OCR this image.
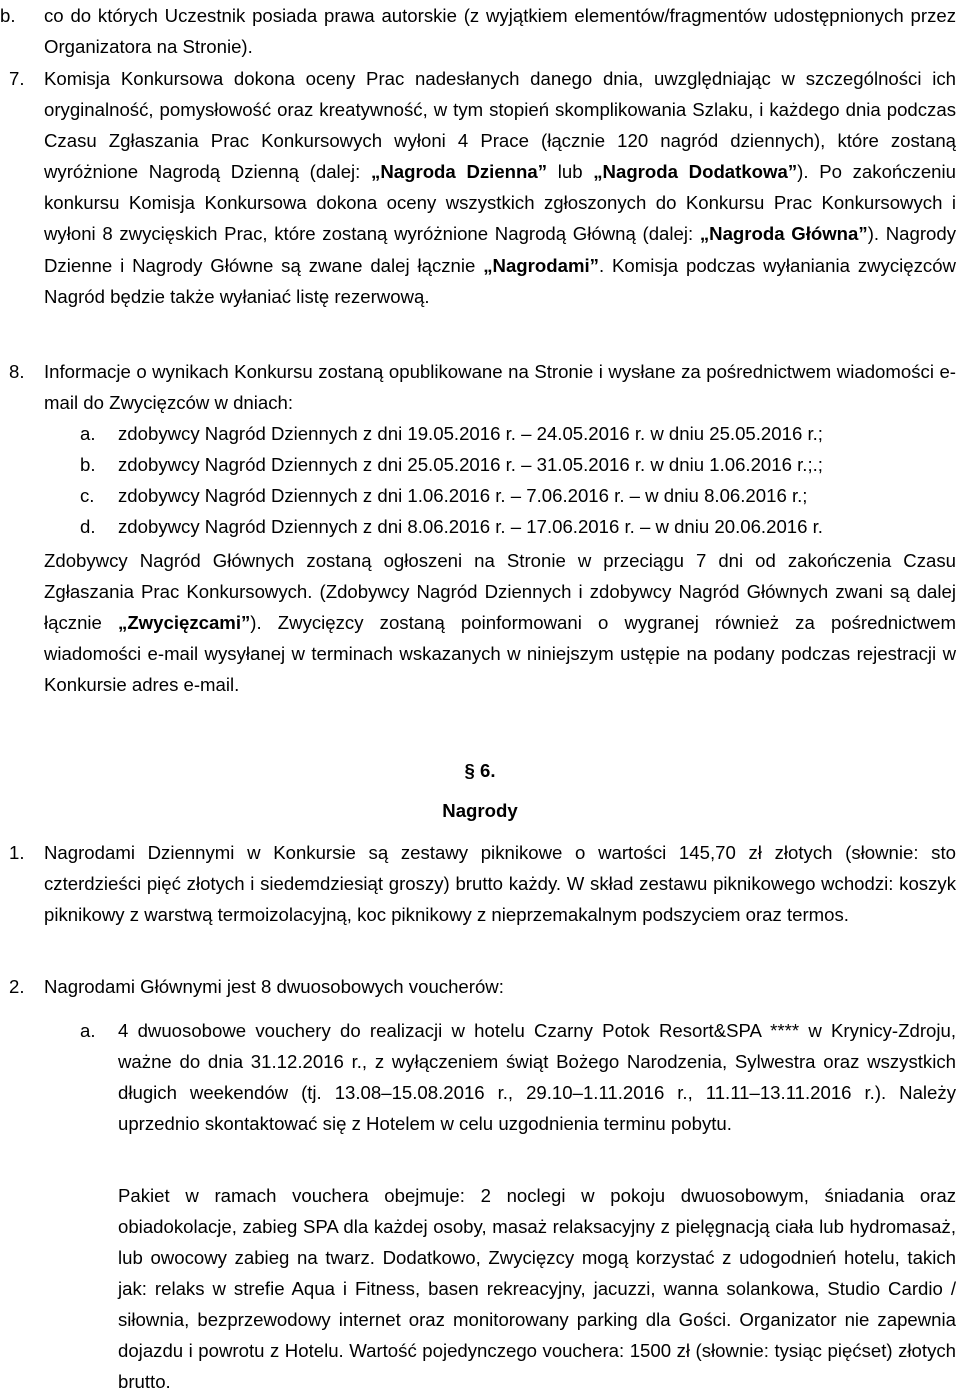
b. co do których Uczestnik posiada prawa autorskie (z wyjątkiem elementów/fragmentów udostępnionych przez Organizatora na Stronie).
7. Komisja Konkursowa dokona oceny Prac nadesłanych danego dnia, uwzględniając w szczególności ich oryginalność, pomysłowość oraz kreatywność, w tym stopień skomplikowania Szlaku, i każdego dnia podczas Czasu Zgłaszania Prac Konkursowych wyłoni 4 Prace (łącznie 120 nagród dziennych), które zostaną wyróżnione Nagrodą Dzienną (dalej: „Nagroda Dzienna” lub „Nagroda Dodatkowa”). Po zakończeniu konkursu Komisja Konkursowa dokona oceny wszystkich zgłoszonych do Konkursu Prac Konkursowych i wyłoni 8 zwycięskich Prac, które zostaną wyróżnione Nagrodą Główną (dalej: „Nagroda Główna”). Nagrody Dzienne i Nagrody Główne są zwane dalej łącznie „Nagrodami”. Komisja podczas wyłaniania zwycięzców Nagród będzie także wyłaniać listę rezerwową.
8. Informacje o wynikach Konkursu zostaną opublikowane na Stronie i wysłane za pośrednictwem wiadomości e-mail do Zwycięzców w dniach:
a. zdobywcy Nagród Dziennych z dni 19.05.2016 r. – 24.05.2016 r. w dniu 25.05.2016 r.;
b. zdobywcy Nagród Dziennych z dni 25.05.2016 r. – 31.05.2016 r. w dniu 1.06.2016 r.;.;
c. zdobywcy Nagród Dziennych z dni 1.06.2016 r. – 7.06.2016 r. – w dniu 8.06.2016 r.;
d. zdobywcy Nagród Dziennych z dni 8.06.2016 r. – 17.06.2016 r. – w dniu 20.06.2016 r.
Zdobywcy Nagród Głównych zostaną ogłoszeni na Stronie w przeciągu 7 dni od zakończenia Czasu Zgłaszania Prac Konkursowych. (Zdobywcy Nagród Dziennych i zdobywcy Nagród Głównych zwani są dalej łącznie „Zwycięzcami”). Zwycięzcy zostaną poinformowani o wygranej również za pośrednictwem wiadomości e-mail wysyłanej w terminach wskazanych w niniejszym ustępie na podany podczas rejestracji w Konkursie adres e-mail.
§ 6.
Nagrody
1. Nagrodami Dziennymi w Konkursie są zestawy piknikowe o wartości 145,70 zł złotych (słownie: sto czterdzieści pięć złotych i siedemdziesiąt groszy) brutto każdy. W skład zestawu piknikowego wchodzi: koszyk piknikowy z warstwą termoizolacyjną, koc piknikowy z nieprzemakalnym podszyciem oraz termos.
2. Nagrodami Głównymi jest 8 dwuosobowych voucherów:
a. 4 dwuosobowe vouchery do realizacji w hotelu Czarny Potok Resort&SPA **** w Krynicy-Zdroju, ważne do dnia 31.12.2016 r., z wyłączeniem świąt Bożego Narodzenia, Sylwestra oraz wszystkich długich weekendów (tj. 13.08–15.08.2016 r., 29.10–1.11.2016 r., 11.11–13.11.2016 r.). Należy uprzednio skontaktować się z Hotelem w celu uzgodnienia terminu pobytu.
Pakiet w ramach vouchera obejmuje: 2 noclegi w pokoju dwuosobowym, śniadania oraz obiadokolacje, zabieg SPA dla każdej osoby, masaż relaksacyjny z pielęgnacją ciała lub hydromasaż, lub owocowy zabieg na twarz. Dodatkowo, Zwycięzcy mogą korzystać z udogodnień hotelu, takich jak: relaks w strefie Aqua i Fitness, basen rekreacyjny, jacuzzi, wanna solankowa, Studio Cardio / siłownia, bezprzewodowy internet oraz monitorowany parking dla Gości. Organizator nie zapewnia dojazdu i powrotu z Hotelu. Wartość pojedynczego vouchera: 1500 zł (słownie: tysiąc pięćset) złotych brutto.
